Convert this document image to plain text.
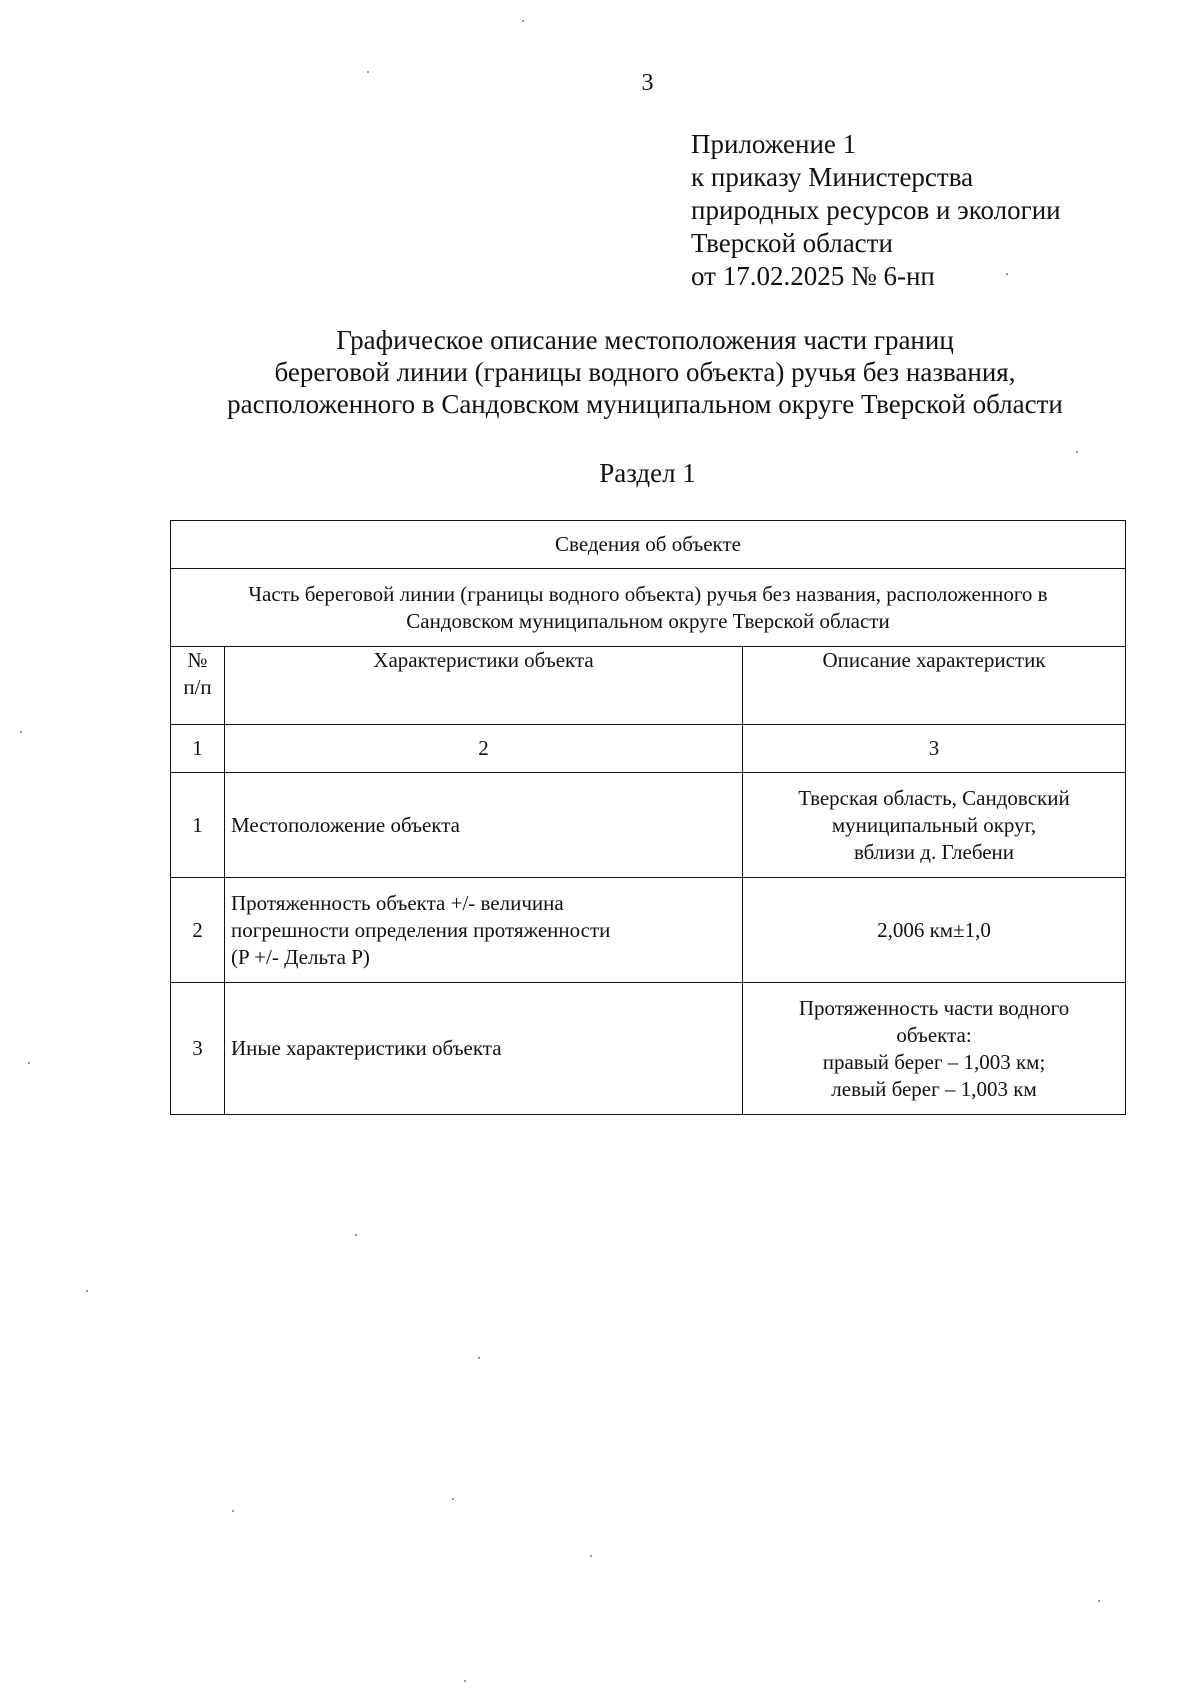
3
Приложение 1
к приказу Министерства
природных ресурсов и экологии
Тверской области
от 17.02.2025 № 6-нп
Графическое описание местоположения части границ
береговой линии (границы водного объекта) ручья без названия,
расположенного в Сандовском муниципальном округе Тверской области
Раздел 1
Сведения об объекте		

Часть береговой линии (границы водного объекта) ручья без названия, расположенного в
Сандовском муниципальном округе Тверской области		

№
п/п	Характеристики объекта	Описание характеристик
1	2	3
1	Местоположение объекта	Тверская область, Сандовский
муниципальный округ,
вблизи д. Глебени

2	Протяженность объекта +/- величина
погрешности определения протяженности
(P +/- Дельта P)	2,006 км±1,0

3	Иные характеристики объекта	Протяженность части водного
объекта:
правый берег – 1,003 км;
левый берег – 1,003 км
